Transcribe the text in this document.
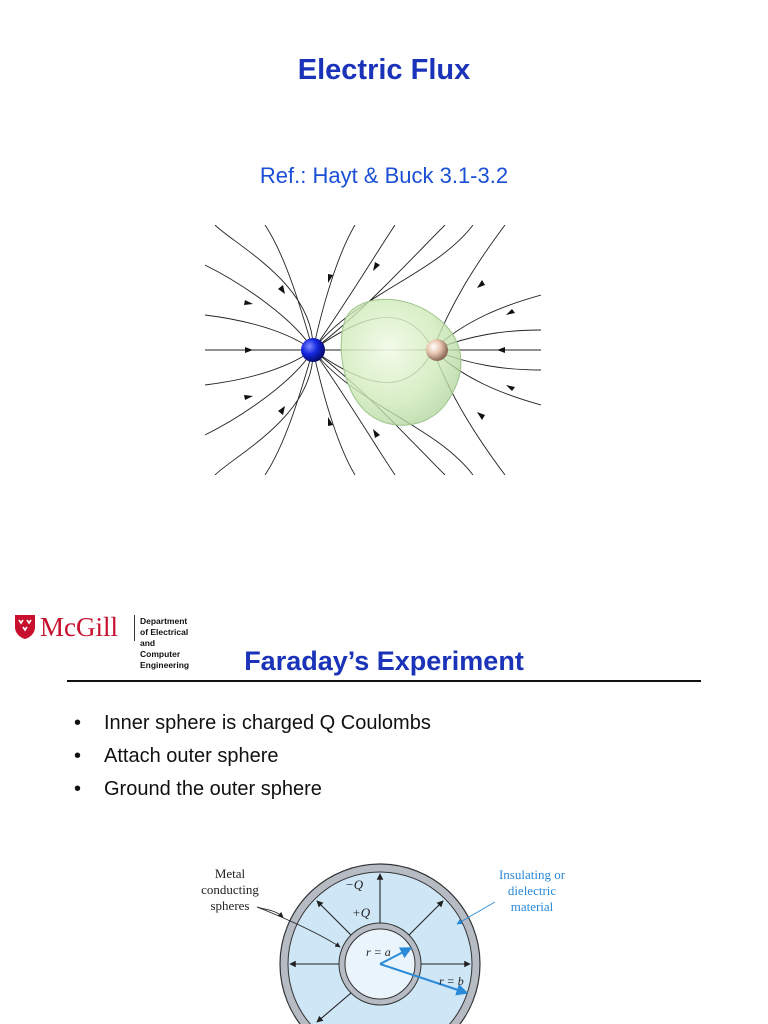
Electric Flux
Ref.: Hayt & Buck 3.1-3.2
McGill	Department of Electrical and
Computer Engineering	Faraday’s Experiment
• Inner sphere is charged Q Coulombs
• Attach outer sphere
• Ground the outer sphere
Metal
conducting
spheres
−Q
+Q
r = a
r = b
Insulating or
dielectric
material
